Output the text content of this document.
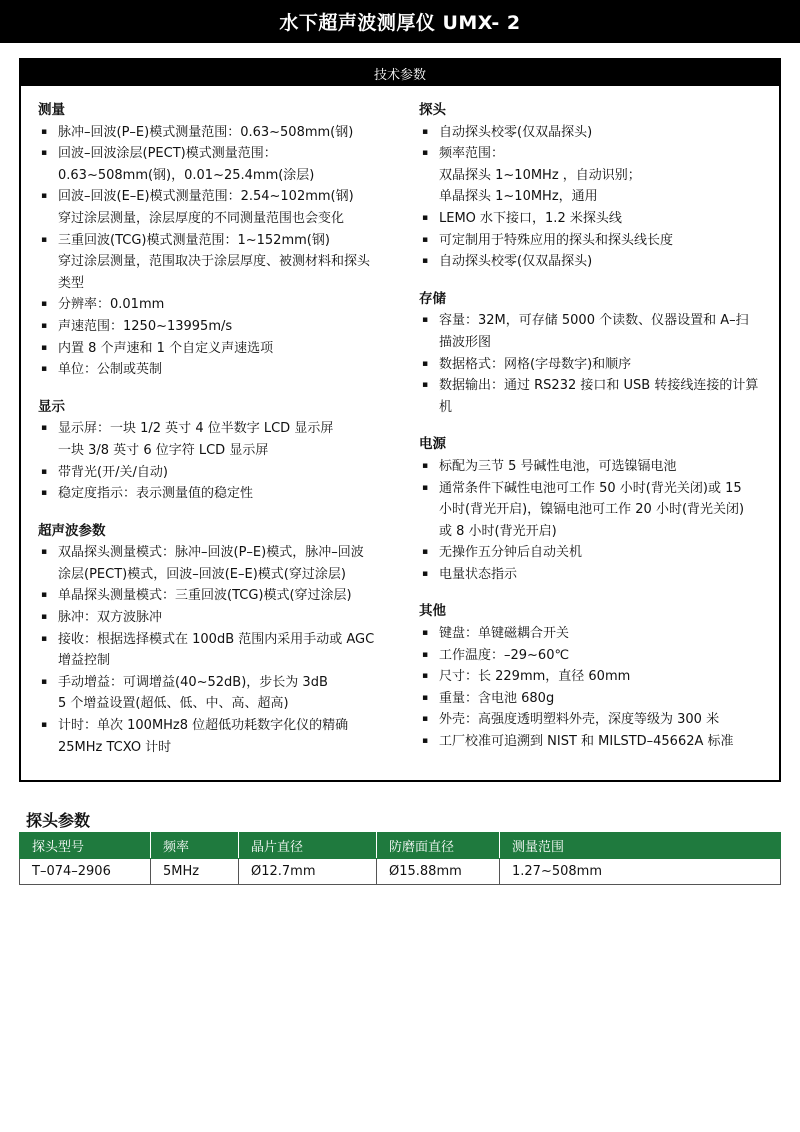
水下超声波测厚仪 UMX- 2
技术参数
测量
▪ 脉冲–回波(P–E)模式测量范围：0.63~508mm(钢)
▪ 回波–回波涂层(PECT)模式测量范围：
0.63~508mm(钢)，0.01~25.4mm(涂层)
▪ 回波–回波(E–E)模式测量范围：2.54~102mm(钢)
穿过涂层测量，涂层厚度的不同测量范围也会变化
▪ 三重回波(TCG)模式测量范围：1~152mm(钢)
穿过涂层测量，范围取决于涂层厚度、被测材料和探头
类型
▪ 分辨率：0.01mm
▪ 声速范围：1250~13995m/s
▪ 内置 8 个声速和 1 个自定义声速选项
▪ 单位：公制或英制
显示
▪ 显示屏：一块 1/2 英寸 4 位半数字 LCD 显示屏
一块 3/8 英寸 6 位字符 LCD 显示屏
▪ 带背光(开/关/自动)
▪ 稳定度指示：表示测量值的稳定性
超声波参数
▪ 双晶探头测量模式：脉冲–回波(P–E)模式，脉冲–回波
涂层(PECT)模式，回波–回波(E–E)模式(穿过涂层)
▪ 单晶探头测量模式：三重回波(TCG)模式(穿过涂层)
▪ 脉冲：双方波脉冲
▪ 接收：根据选择模式在 100dB 范围内采用手动或 AGC
增益控制
▪ 手动增益：可调增益(40~52dB)，步长为 3dB
5 个增益设置(超低、低、中、高、超高)
▪ 计时：单次 100MHz8 位超低功耗数字化仪的精确
25MHz TCXO 计时
探头
▪ 自动探头校零(仅双晶探头)
▪ 频率范围：
双晶探头 1~10MHz ，自动识别；
单晶探头 1~10MHz，通用
▪ LEMO 水下接口，1.2 米探头线
▪ 可定制用于特殊应用的探头和探头线长度
▪ 自动探头校零(仅双晶探头)
存储
▪ 容量：32M，可存储 5000 个读数、仪器设置和 A–扫
描波形图
▪ 数据格式：网格(字母数字)和顺序
▪ 数据输出：通过 RS232 接口和 USB 转接线连接的计算
机
电源
▪ 标配为三节 5 号碱性电池，可选镍镉电池
▪ 通常条件下碱性电池可工作 50 小时(背光关闭)或 15
小时(背光开启)，镍镉电池可工作 20 小时(背光关闭)
或 8 小时(背光开启)
▪ 无操作五分钟后自动关机
▪ 电量状态指示
其他
▪ 键盘：单键磁耦合开关
▪ 工作温度：–29~60℃
▪ 尺寸：长 229mm，直径 60mm
▪ 重量：含电池 680g
▪ 外壳：高强度透明塑料外壳，深度等级为 300 米
▪ 工厂校准可追溯到 NIST 和 MILSTD–45662A 标准
探头参数
探头型号	频率	晶片直径	防磨面直径	测量范围
T–074–2906	5MHz	Ø12.7mm	Ø15.88mm	1.27~508mm
